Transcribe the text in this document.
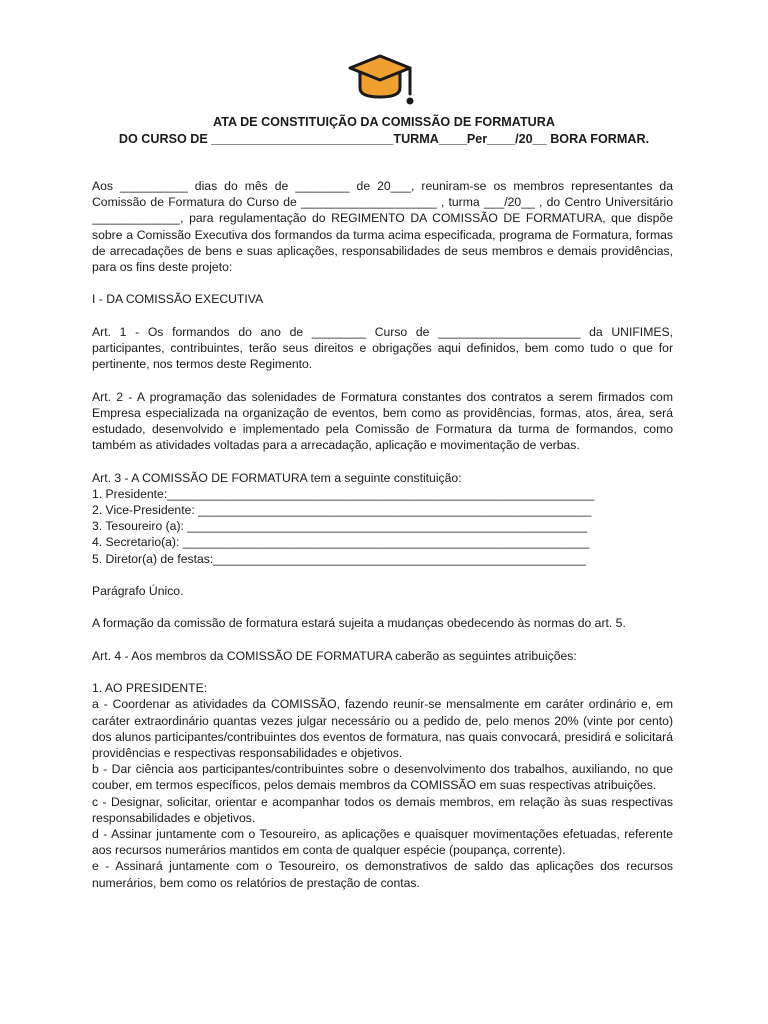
ATA DE CONSTITUIÇÃO DA COMISSÃO DE FORMATURA

DO CURSO DE __________________________TURMA____Per____/20__ BORA FORMAR.

Aos __________ dias do mês de ________ de 20___, reuniram-se os membros representantes da Comissão de Formatura do Curso de ____________________ , turma ___/20__ , do Centro Universitário _____________, para regulamentação do REGIMENTO DA COMISSÃO DE FORMATURA, que dispõe sobre a Comissão Executiva dos formandos da turma acima especificada, programa de Formatura, formas de arrecadações de bens e suas aplicações, responsabilidades de seus membros e demais providências, para os fins deste projeto:

I - DA COMISSÃO EXECUTIVA

Art. 1 - Os formandos do ano de ________ Curso de _____________________ da UNIFIMES, participantes, contribuintes, terão seus direitos e obrigações aqui definidos, bem como tudo o que for pertinente, nos termos deste Regimento.

Art. 2 - A programação das solenidades de Formatura constantes dos contratos a serem firmados com Empresa especializada na organização de eventos, bem como as providências, formas, atos, área, será estudado, desenvolvido e implementado pela Comissão de Formatura da turma de formandos, como também as atividades voltadas para a arrecadação, aplicação e movimentação de verbas.

Art. 3 - A COMISSÃO DE FORMATURA tem a seguinte constituição:

1. Presidente:_______________________________________________________________

2. Vice-Presidente: __________________________________________________________

3. Tesoureiro (a): ___________________________________________________________

4. Secretario(a): ____________________________________________________________

5. Diretor(a) de festas:_______________________________________________________

Parágrafo Único.

A formação da comissão de formatura estará sujeita a mudanças obedecendo às normas do art. 5.

Art. 4 - Aos membros da COMISSÃO DE FORMATURA caberão as seguintes atribuições:

1. AO PRESIDENTE:

a - Coordenar as atividades da COMISSÃO, fazendo reunir-se mensalmente em caráter ordinário e, em caráter extraordinário quantas vezes julgar necessário ou a pedido de, pelo menos 20% (vinte por cento) dos alunos participantes/contribuintes dos eventos de formatura, nas quais convocará, presidirá e solicitará providências e respectivas responsabilidades e objetivos.

b - Dar ciência aos participantes/contribuintes sobre o desenvolvimento dos trabalhos, auxiliando, no que couber, em termos específicos, pelos demais membros da COMISSÃO em suas respectivas atribuições.

c - Designar, solicitar, orientar e acompanhar todos os demais membros, em relação às suas respectivas responsabilidades e objetivos.

d - Assinar juntamente com o Tesoureiro, as aplicações e quaisquer movimentações efetuadas, referente aos recursos numerários mantidos em conta de qualquer espécie (poupança, corrente).

e - Assinará juntamente com o Tesoureiro, os demonstrativos de saldo das aplicações dos recursos numerários, bem como os relatórios de prestação de contas.
